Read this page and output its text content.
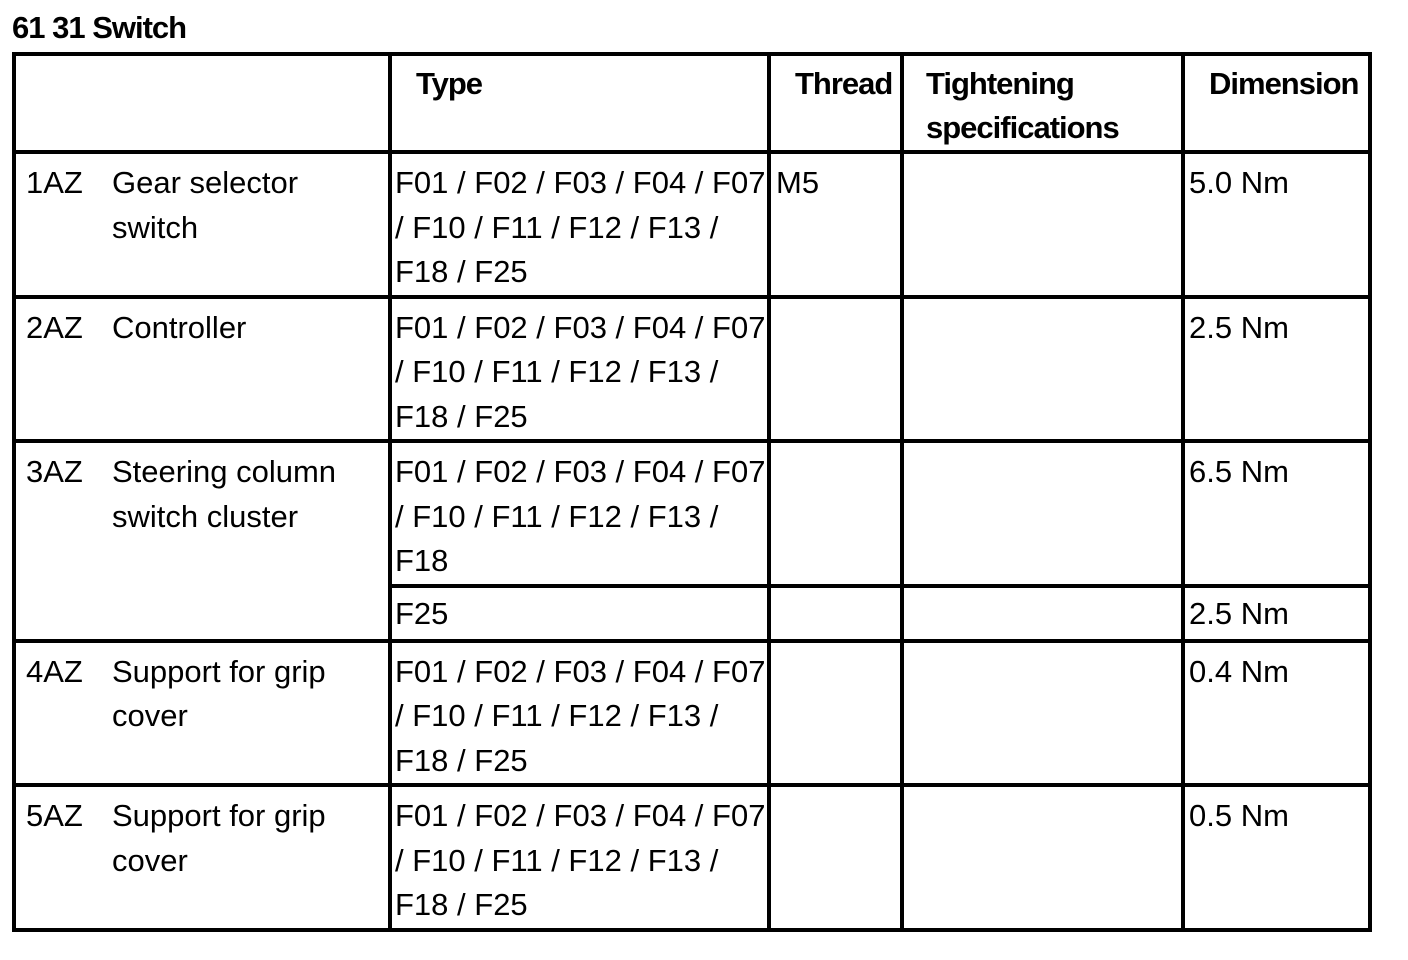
61 31 Switch

	Type	Thread	Tightening specifications	Dimension

1AZ Gear selector switch	F01 / F02 / F03 / F04 / F07 / F10 / F11 / F12 / F13 / F18 / F25	M5		5.0 Nm

2AZ Controller	F01 / F02 / F03 / F04 / F07 / F10 / F11 / F12 / F13 / F18 / F25			2.5 Nm

3AZ Steering column switch cluster	F01 / F02 / F03 / F04 / F07 / F10 / F11 / F12 / F13 / F18			6.5 Nm

	F25			2.5 Nm

4AZ Support for grip cover	F01 / F02 / F03 / F04 / F07 / F10 / F11 / F12 / F13 / F18 / F25			0.4 Nm

5AZ Support for grip cover	F01 / F02 / F03 / F04 / F07 / F10 / F11 / F12 / F13 / F18 / F25			0.5 Nm
